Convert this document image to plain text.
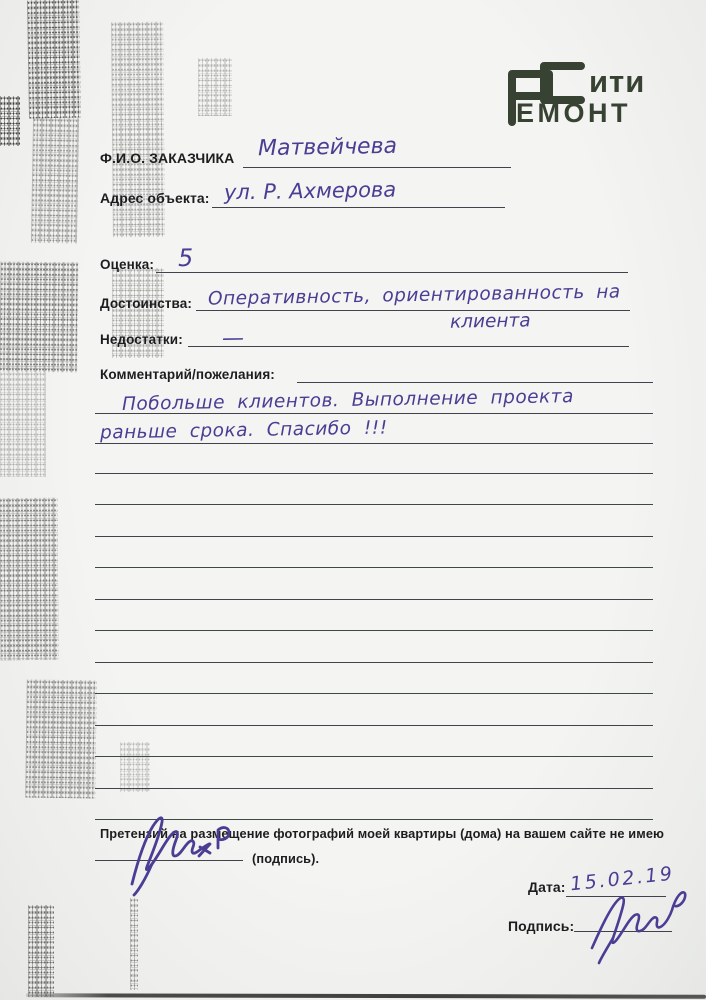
ити
ЕМОНТ
Ф.И.О. ЗАКАЗЧИКА Матвейчева
Адрес объекта: ул. Р. Ахмерова
Оценка: 5
Достоинства: Оперативность, ориентированность на
клиента
Недостатки: —
Комментарий/пожелания:
Побольше клиентов. Выполнение проекта
раньше срока. Спасибо !!!
Претензий на размещение фотографий моей квартиры (дома) на вашем сайте не имею
(подпись).
Дата: 15.02.19
Подпись:
